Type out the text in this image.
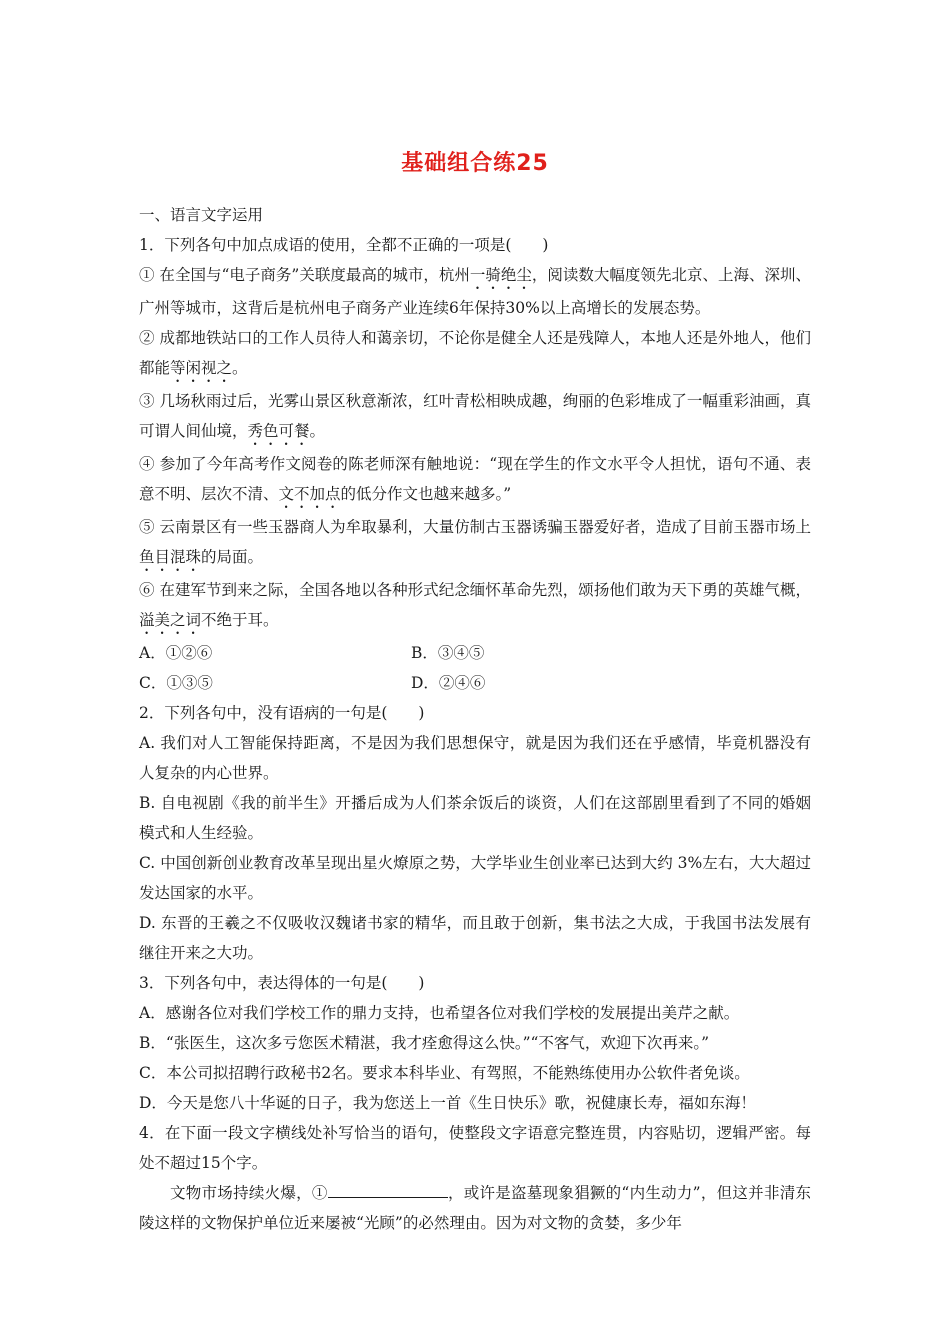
基础组合练25

一、语言文字运用

1．下列各句中加点成语的使用，全都不正确的一项是(　　)

① 在全国与“电子商务”关联度最高的城市，杭州一骑绝尘，阅读数大幅度领先北京、上海、深圳、广州等城市，这背后是杭州电子商务产业连续6年保持30%以上高增长的发展态势。

② 成都地铁站口的工作人员待人和蔼亲切，不论你是健全人还是残障人，本地人还是外地人，他们都能等闲视之。

③ 几场秋雨过后，光雾山景区秋意渐浓，红叶青松相映成趣，绚丽的色彩堆成了一幅重彩油画，真可谓人间仙境，秀色可餐。

④ 参加了今年高考作文阅卷的陈老师深有触地说：“现在学生的作文水平令人担忧，语句不通、表意不明、层次不清、文不加点的低分作文也越来越多。”

⑤ 云南景区有一些玉器商人为牟取暴利，大量仿制古玉器诱骗玉器爱好者，造成了目前玉器市场上鱼目混珠的局面。

⑥ 在建军节到来之际，全国各地以各种形式纪念缅怀革命先烈，颂扬他们敢为天下勇的英雄气概，溢美之词不绝于耳。

A．①②⑥	B．③④⑤

C．①③⑤	D．②④⑥

2．下列各句中，没有语病的一句是(　　)

A. 我们对人工智能保持距离，不是因为我们思想保守，就是因为我们还在乎感情，毕竟机器没有人复杂的内心世界。

B. 自电视剧《我的前半生》开播后成为人们茶余饭后的谈资，人们在这部剧里看到了不同的婚姻模式和人生经验。

C. 中国创新创业教育改革呈现出星火燎原之势，大学毕业生创业率已达到大约 3%左右，大大超过发达国家的水平。

D. 东晋的王羲之不仅吸收汉魏诸书家的精华，而且敢于创新，集书法之大成，于我国书法发展有继往开来之大功。

3．下列各句中，表达得体的一句是(　　)

A．感谢各位对我们学校工作的鼎力支持，也希望各位对我们学校的发展提出美芹之献。

B．“张医生，这次多亏您医术精湛，我才痊愈得这么快。”“不客气，欢迎下次再来。”

C．本公司拟招聘行政秘书2名。要求本科毕业、有驾照，不能熟练使用办公软件者免谈。

D．今天是您八十华诞的日子，我为您送上一首《生日快乐》歌，祝健康长寿，福如东海！

4．在下面一段文字横线处补写恰当的语句，使整段文字语意完整连贯，内容贴切，逻辑严密。每处不超过15个字。

文物市场持续火爆，①	，或许是盗墓现象猖獗的“内生动力”，但这并非清东陵这样的文物保护单位近来屡被“光顾”的必然理由。因为对文物的贪婪，多少年
